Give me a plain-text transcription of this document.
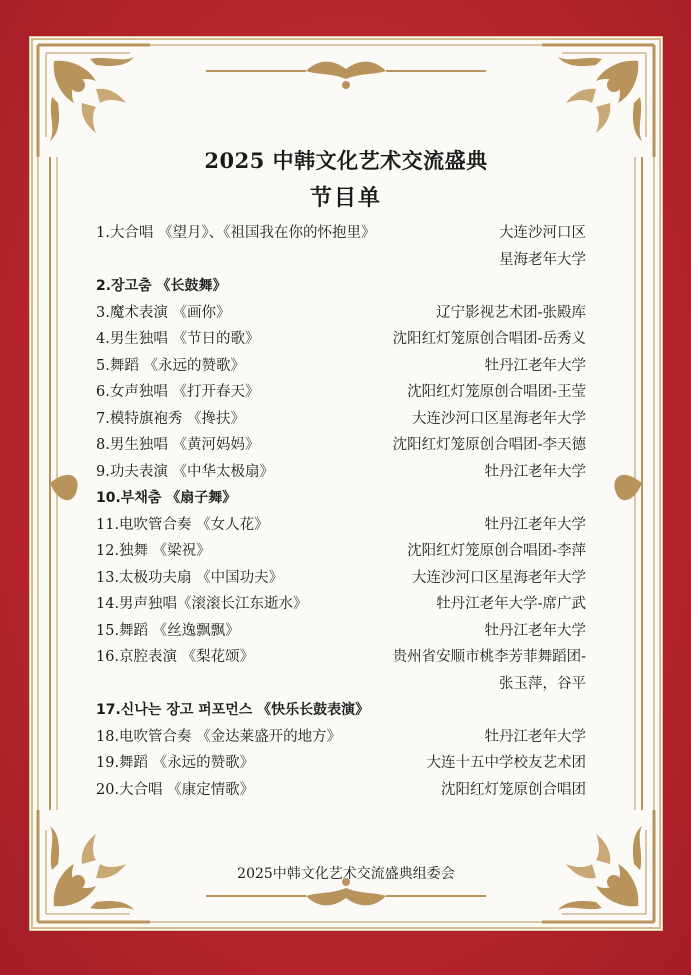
2025 中韩文化艺术交流盛典
节目单
1.大合唱 《望月》、《祖国我在你的怀抱里》	大连沙河口区
星海老年大学
2.장고춤 《长鼓舞》
3.魔术表演 《画你》	辽宁影视艺术团-张殿库
4.男生独唱 《节日的歌》	沈阳红灯笼原创合唱团-岳秀义
5.舞蹈 《永远的赞歌》	牡丹江老年大学
6.女声独唱 《打开春天》	沈阳红灯笼原创合唱团-王莹
7.模特旗袍秀 《搀扶》	大连沙河口区星海老年大学
8.男生独唱 《黄河妈妈》	沈阳红灯笼原创合唱团-李天德
9.功夫表演 《中华太极扇》	牡丹江老年大学
10.부채춤 《扇子舞》
11.电吹管合奏 《女人花》	牡丹江老年大学
12.独舞 《梁祝》	沈阳红灯笼原创合唱团-李萍
13.太极功夫扇 《中国功夫》	大连沙河口区星海老年大学
14.男声独唱《滚滚长江东逝水》	牡丹江老年大学-席广武
15.舞蹈 《丝逸飘飘》	牡丹江老年大学
16.京腔表演 《梨花颂》	贵州省安顺市桃李芳菲舞蹈团-
张玉萍，谷平
17.신나는 장고 퍼포먼스 《快乐长鼓表演》
18.电吹管合奏 《金达莱盛开的地方》	牡丹江老年大学
19.舞蹈 《永远的赞歌》	大连十五中学校友艺术团
20.大合唱 《康定情歌》	沈阳红灯笼原创合唱团
2025中韩文化艺术交流盛典组委会
